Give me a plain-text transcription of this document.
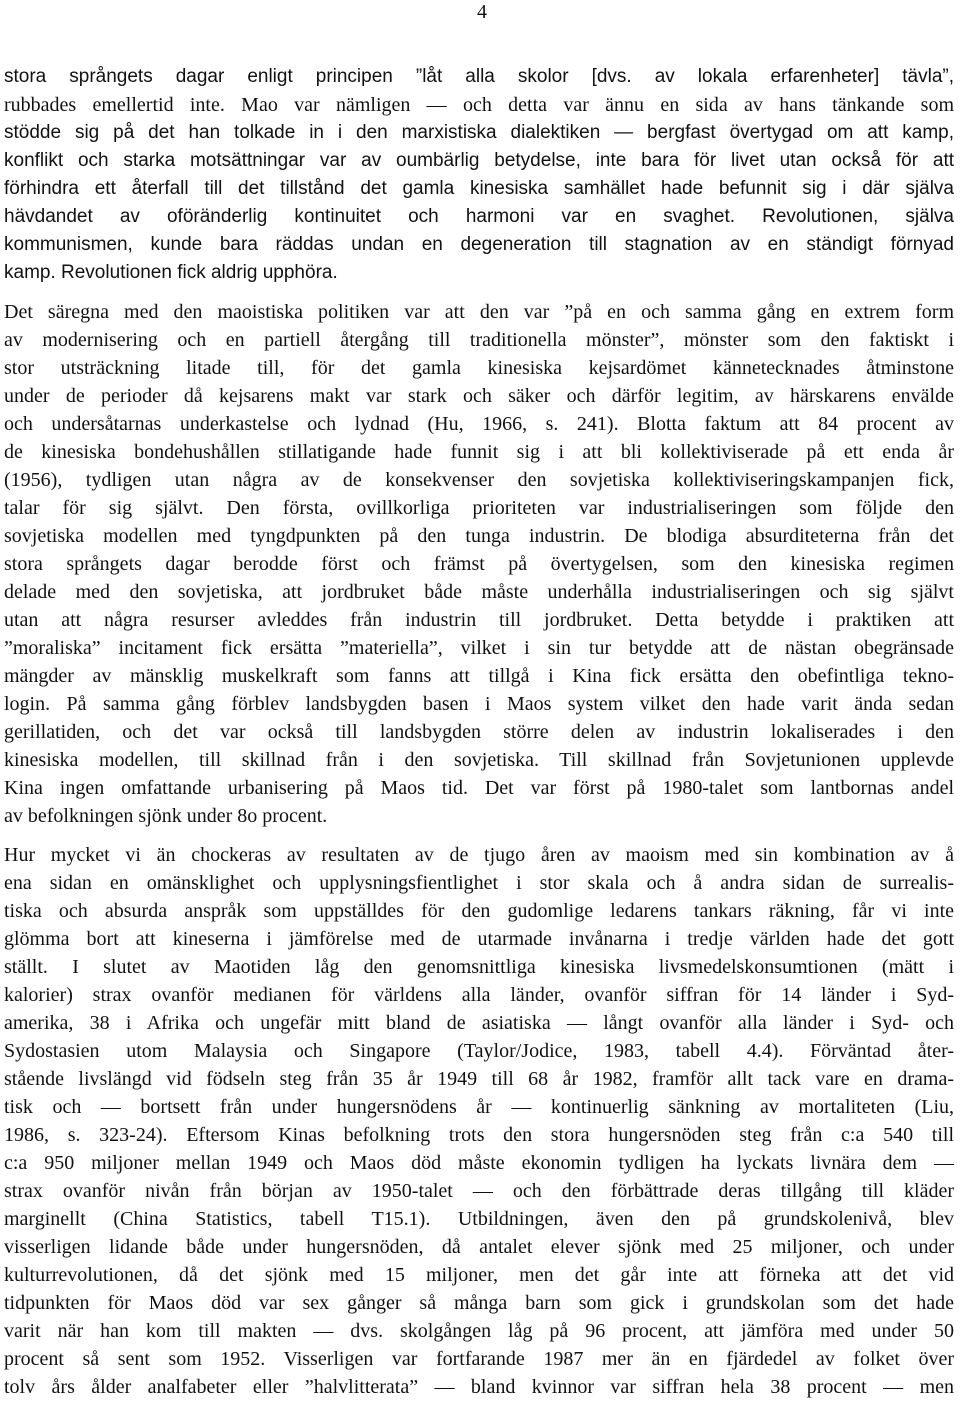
4
stora språngets dagar enligt principen ”låt alla skolor [dvs. av lokala erfarenheter] tävla”,
rubbades emellertid inte. Mao var nämligen — och detta var ännu en sida av hans tänkande som
stödde sig på det han tolkade in i den marxistiska dialektiken — bergfast övertygad om att kamp,
konflikt och starka motsättningar var av oumbärlig betydelse, inte bara för livet utan också för att
förhindra ett återfall till det tillstånd det gamla kinesiska samhället hade befunnit sig i där själva
hävdandet av oföränderlig kontinuitet och harmoni var en svaghet. Revolutionen, själva
kommunismen, kunde bara räddas undan en degeneration till stagnation av en ständigt förnyad
kamp. Revolutionen fick aldrig upphöra.
Det säregna med den maoistiska politiken var att den var ”på en och samma gång en extrem form
av modernisering och en partiell återgång till traditionella mönster”, mönster som den faktiskt i
stor utsträckning litade till, för det gamla kinesiska kejsardömet kännetecknades åtminstone
under de perioder då kejsarens makt var stark och säker och därför legitim, av härskarens envälde
och undersåtarnas underkastelse och lydnad (Hu, 1966, s. 241). Blotta faktum att 84 procent av
de kinesiska bondehushållen stillatigande hade funnit sig i att bli kollektiviserade på ett enda år
(1956), tydligen utan några av de konsekvenser den sovjetiska kollektiviseringskampanjen fick,
talar för sig självt. Den första, ovillkorliga prioriteten var industrialiseringen som följde den
sovjetiska modellen med tyngdpunkten på den tunga industrin. De blodiga absurditeterna från det
stora språngets dagar berodde först och främst på övertygelsen, som den kinesiska regimen
delade med den sovjetiska, att jordbruket både måste underhålla industrialiseringen och sig självt
utan att några resurser avleddes från industrin till jordbruket. Detta betydde i praktiken att
”moraliska” incitament fick ersätta ”materiella”, vilket i sin tur betydde att de nästan obegränsade
mängder av mänsklig muskelkraft som fanns att tillgå i Kina fick ersätta den obefintliga tekno-
login. På samma gång förblev landsbygden basen i Maos system vilket den hade varit ända sedan
gerillatiden, och det var också till landsbygden större delen av industrin lokaliserades i den
kinesiska modellen, till skillnad från i den sovjetiska. Till skillnad från Sovjetunionen upplevde
Kina ingen omfattande urbanisering på Maos tid. Det var först på 1980-talet som lantbornas andel
av befolkningen sjönk under 8o procent.
Hur mycket vi än chockeras av resultaten av de tjugo åren av maoism med sin kombination av å
ena sidan en omänsklighet och upplysningsfientlighet i stor skala och å andra sidan de surrealis-
tiska och absurda anspråk som uppställdes för den gudomlige ledarens tankars räkning, får vi inte
glömma bort att kineserna i jämförelse med de utarmade invånarna i tredje världen hade det gott
ställt. I slutet av Maotiden låg den genomsnittliga kinesiska livsmedelskonsumtionen (mätt i
kalorier) strax ovanför medianen för världens alla länder, ovanför siffran för 14 länder i Syd-
amerika, 38 i Afrika och ungefär mitt bland de asiatiska — långt ovanför alla länder i Syd- och
Sydostasien utom Malaysia och Singapore (Taylor/Jodice, 1983, tabell 4.4). Förväntad åter-
stående livslängd vid födseln steg från 35 år 1949 till 68 år 1982, framför allt tack vare en drama-
tisk och — bortsett från under hungersnödens år — kontinuerlig sänkning av mortaliteten (Liu,
1986, s. 323-24). Eftersom Kinas befolkning trots den stora hungersnöden steg från c:a 540 till
c:a 950 miljoner mellan 1949 och Maos död måste ekonomin tydligen ha lyckats livnära dem —
strax ovanför nivån från början av 1950-talet — och den förbättrade deras tillgång till kläder
marginellt (China Statistics, tabell T15.1). Utbildningen, även den på grundskolenivå, blev
visserligen lidande både under hungersnöden, då antalet elever sjönk med 25 miljoner, och under
kulturrevolutionen, då det sjönk med 15 miljoner, men det går inte att förneka att det vid
tidpunkten för Maos död var sex gånger så många barn som gick i grundskolan som det hade
varit när han kom till makten — dvs. skolgången låg på 96 procent, att jämföra med under 50
procent så sent som 1952. Visserligen var fortfarande 1987 mer än en fjärdedel av folket över
tolv års ålder analfabeter eller ”halvlitterata” — bland kvinnor var siffran hela 38 procent — men
